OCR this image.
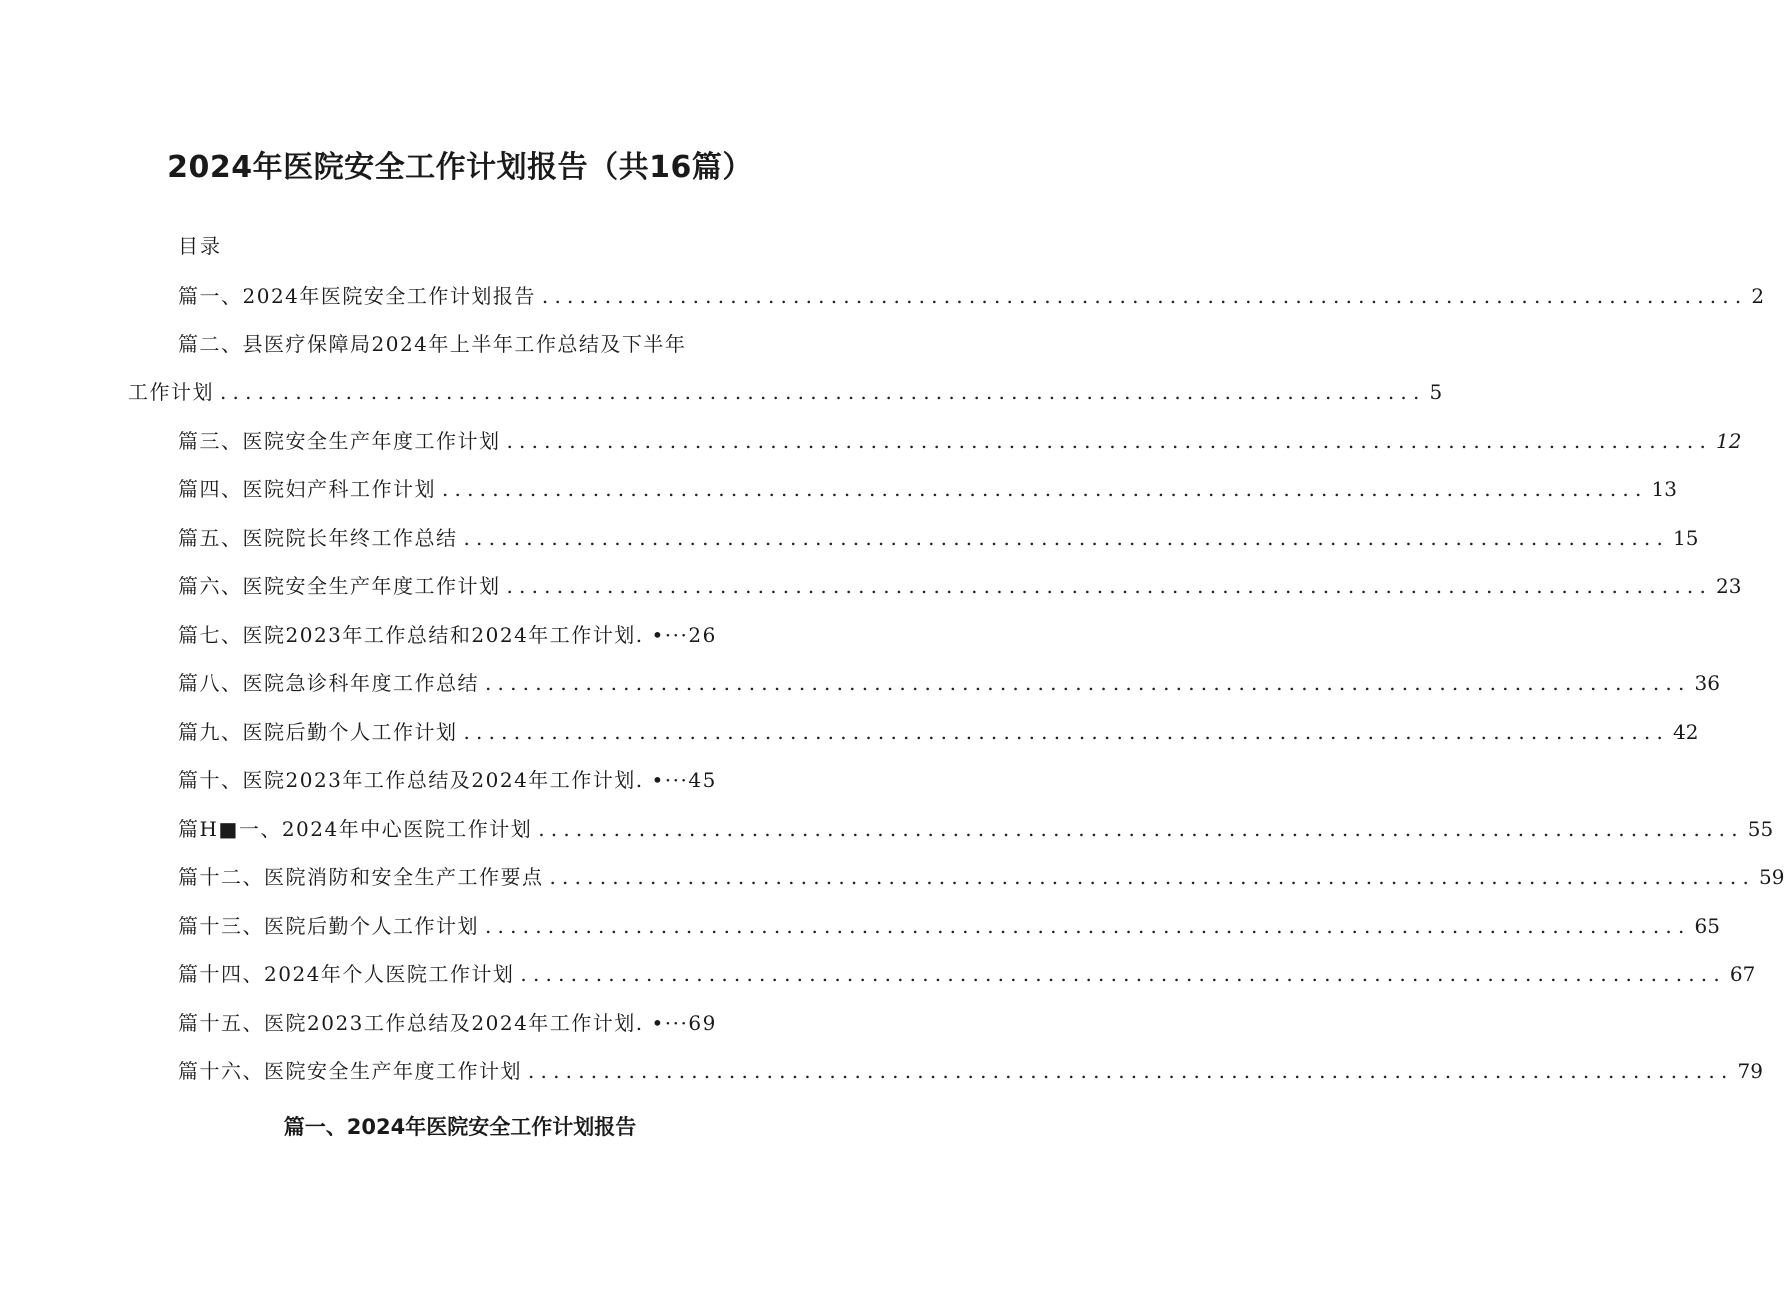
2024年医院安全工作计划报告（共16篇）
目录
篇一、2024年医院安全工作计划报告 ................................................................................................ 2
篇二、县医疗保障局2024年上半年工作总结及下半年
工作计划 ................................................................................................ 5
篇三、医院安全生产年度工作计划 ................................................................................................ 12
篇四、医院妇产科工作计划 ................................................................................................ 13
篇五、医院院长年终工作总结 ................................................................................................ 15
篇六、医院安全生产年度工作计划 ................................................................................................ 23
篇七、医院2023年工作总结和2024年工作计划. •···26
篇八、医院急诊科年度工作总结 ................................................................................................ 36
篇九、医院后勤个人工作计划 ................................................................................................ 42
篇十、医院2023年工作总结及2024年工作计划. •···45
篇H■一、2024年中心医院工作计划 ................................................................................................ 55
篇十二、医院消防和安全生产工作要点 ................................................................................................ 59
篇十三、医院后勤个人工作计划 ................................................................................................ 65
篇十四、2024年个人医院工作计划 ................................................................................................ 67
篇十五、医院2023工作总结及2024年工作计划. •···69
篇十六、医院安全生产年度工作计划 ................................................................................................ 79
篇一、2024年医院安全工作计划报告
